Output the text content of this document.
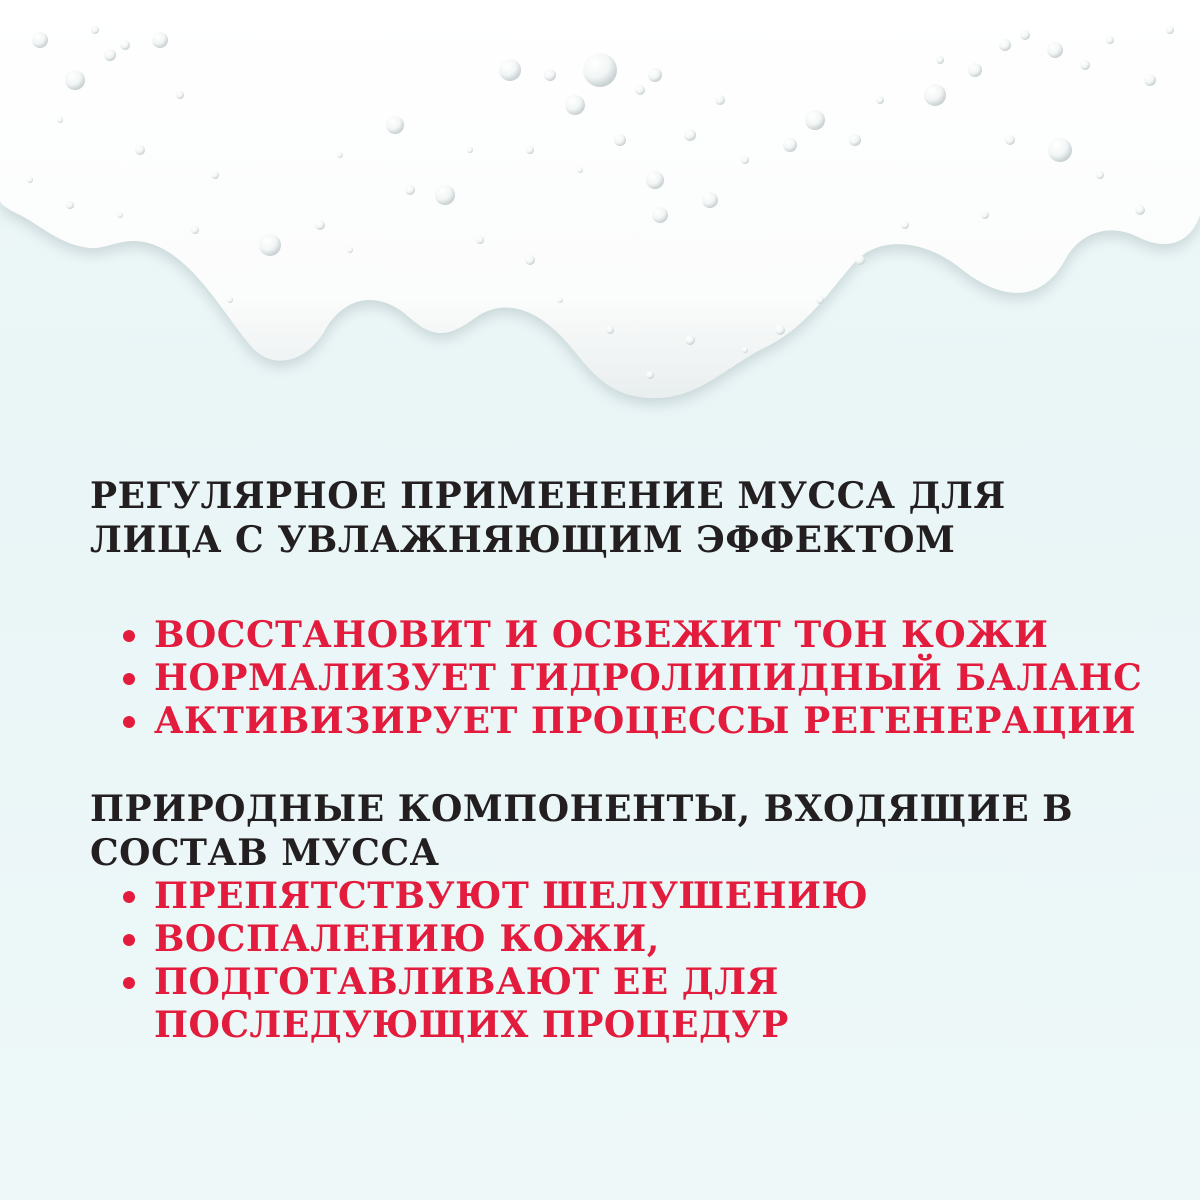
РЕГУЛЯРНОЕ ПРИМЕНЕНИЕ МУССА ДЛЯ ЛИЦА С УВЛАЖНЯЮЩИМ ЭФФЕКТОМ
ВОССТАНОВИТ И ОСВЕЖИТ ТОН КОЖИ
НОРМАЛИЗУЕТ ГИДРОЛИПИДНЫЙ БАЛАНС
АКТИВИЗИРУЕТ ПРОЦЕССЫ РЕГЕНЕРАЦИИ
ПРИРОДНЫЕ КОМПОНЕНТЫ, ВХОДЯЩИЕ В СОСТАВ МУССА
ПРЕПЯТСТВУЮТ ШЕЛУШЕНИЮ
ВОСПАЛЕНИЮ КОЖИ,
ПОДГОТАВЛИВАЮТ ЕЕ ДЛЯ ПОСЛЕДУЮЩИХ ПРОЦЕДУР
